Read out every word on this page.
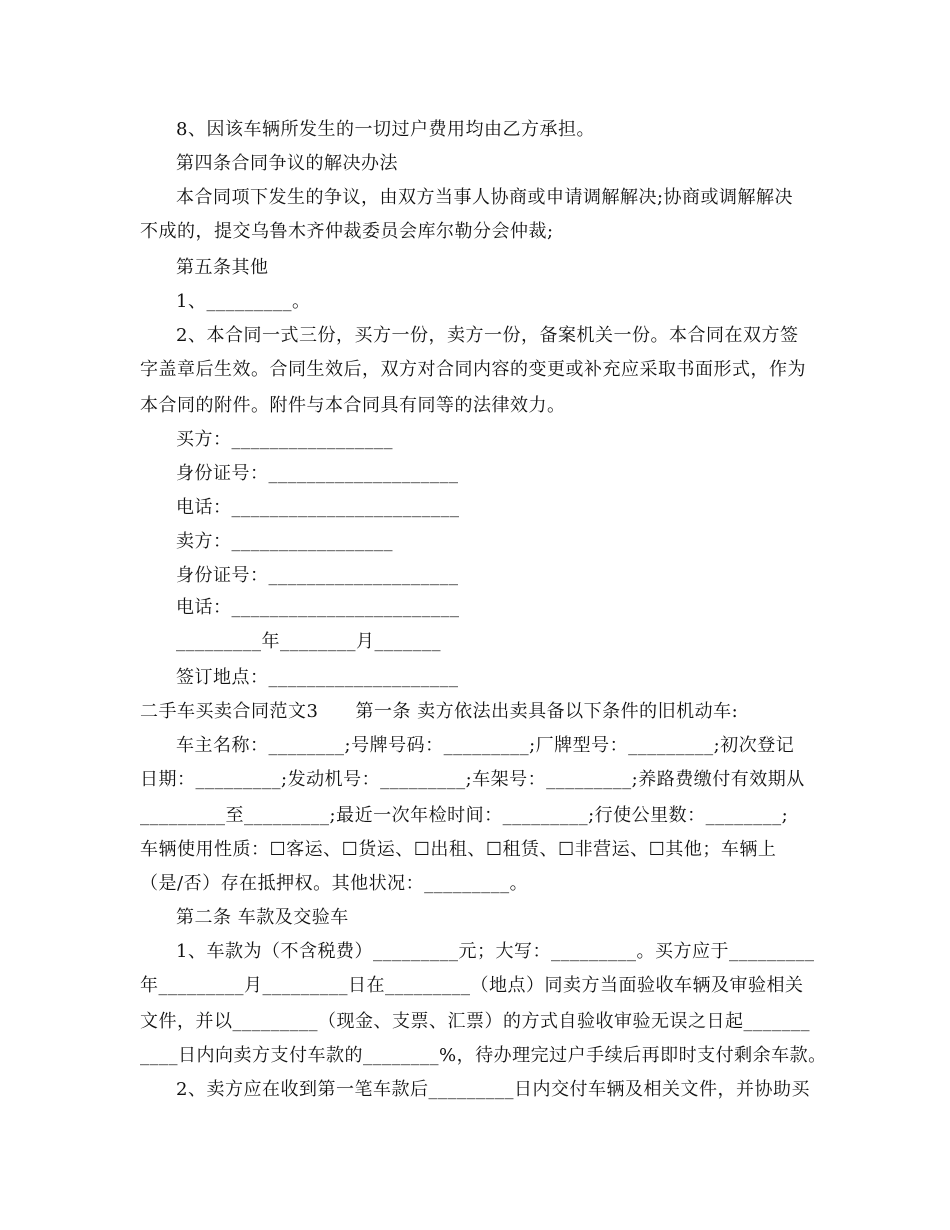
8、因该车辆所发生的一切过户费用均由乙方承担。
第四条合同争议的解决办法
本合同项下发生的争议，由双方当事人协商或申请调解解决;协商或调解解决
不成的，提交乌鲁木齐仲裁委员会库尔勒分会仲裁;
第五条其他
1、_________。
2、本合同一式三份，买方一份，卖方一份，备案机关一份。本合同在双方签
字盖章后生效。合同生效后，双方对合同内容的变更或补充应采取书面形式，作为
本合同的附件。附件与本合同具有同等的法律效力。
买方：_________________
身份证号：____________________
电话：________________________
卖方：_________________
身份证号：____________________
电话：________________________
_________年________月_______
签订地点：____________________
二手车买卖合同范文3　　第一条 卖方依法出卖具备以下条件的旧机动车:
车主名称：________;号牌号码：_________;厂牌型号：_________;初次登记
日期：_________;发动机号：_________;车架号：_________;养路费缴付有效期从
_________至_________;最近一次年检时间：_________;行使公里数：________;
车辆使用性质：☐客运、☐货运、☐出租、☐租赁、☐非营运、☐其他；车辆上
（是/否）存在抵押权。其他状况：_________。
第二条 车款及交验车
1、车款为（不含税费）_________元；大写：_________。买方应于_________
年_________月_________日在_________（地点）同卖方当面验收车辆及审验相关
文件，并以_________（现金、支票、汇票）的方式自验收审验无误之日起_______
____日内向卖方支付车款的________%，待办理完过户手续后再即时支付剩余车款。
2、卖方应在收到第一笔车款后_________日内交付车辆及相关文件，并协助买
